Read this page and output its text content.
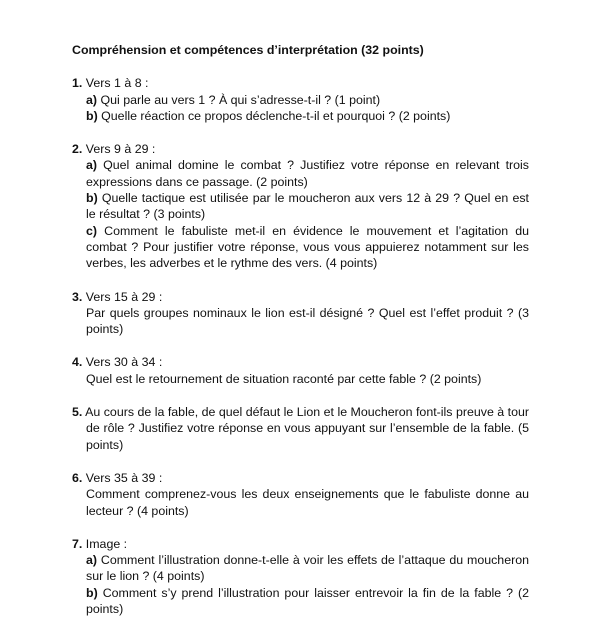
Compréhension et compétences d’interprétation (32 points)

1. Vers 1 à 8 :

a) Qui parle au vers 1 ? À qui s’adresse-t-il ? (1 point)

b) Quelle réaction ce propos déclenche-t-il et pourquoi ? (2 points)

2. Vers 9 à 29 :

a) Quel animal domine le combat ? Justifiez votre réponse en relevant trois expressions dans ce passage. (2 points)

b) Quelle tactique est utilisée par le moucheron aux vers 12 à 29 ? Quel en est le résultat ? (3 points)

c) Comment le fabuliste met-il en évidence le mouvement et l’agitation du combat ? Pour justifier votre réponse, vous vous appuierez notamment sur les verbes, les adverbes et le rythme des vers. (4 points)

3. Vers 15 à 29 :

Par quels groupes nominaux le lion est-il désigné ? Quel est l’effet produit ? (3 points)

4. Vers 30 à 34 :

Quel est le retournement de situation raconté par cette fable ? (2 points)

5. Au cours de la fable, de quel défaut le Lion et le Moucheron font-ils preuve à tour

de rôle ? Justifiez votre réponse en vous appuyant sur l’ensemble de la fable. (5 points)

6. Vers 35 à 39 :

Comment comprenez-vous les deux enseignements que le fabuliste donne au lecteur ? (4 points)

7. Image :

a) Comment l’illustration donne-t-elle à voir les effets de l’attaque du moucheron sur le lion ? (4 points)

b) Comment s’y prend l’illustration pour laisser entrevoir la fin de la fable ? (2 points)
